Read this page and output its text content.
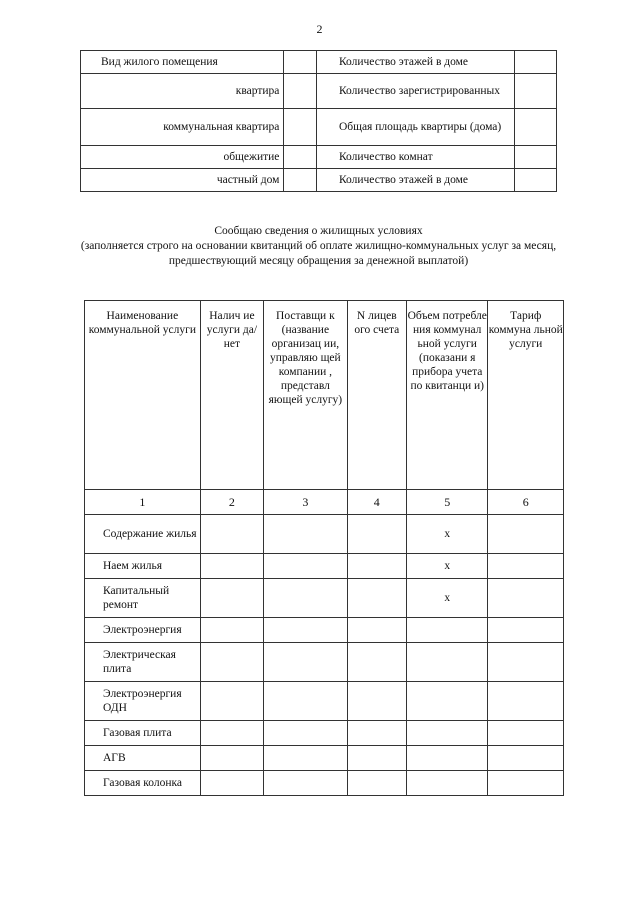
2
Вид жилого помещения		Количество этажей в доме	
квартира		Количество зарегистрированных	
коммунальная квартира		Общая площадь квартиры (дома)	
общежитие		Количество комнат	
частный дом		Количество этажей в доме	
Сообщаю сведения о жилищных условиях
(заполняется строго на основании квитанций об оплате жилищно-коммунальных услуг за месяц, предшествующий месяцу обращения за денежной выплатой)
Наименование коммунальной услуги	Налич ие услуги да/нет	Поставщи к (название организац ии, управляю щей компании , представл яющей услугу)	N лицев ого счета	Объем потребле ния коммунал ьной услуги (показани я прибора учета по квитанци и)	Тариф коммуна льной услуги
1	2	3	4	5	6
Содержание жилья				x	
Наем жилья				x	
Капитальный ремонт				x	
Электроэнергия					
Электрическая плита					
Электроэнергия ОДН					
Газовая плита					
АГВ					
Газовая колонка					
